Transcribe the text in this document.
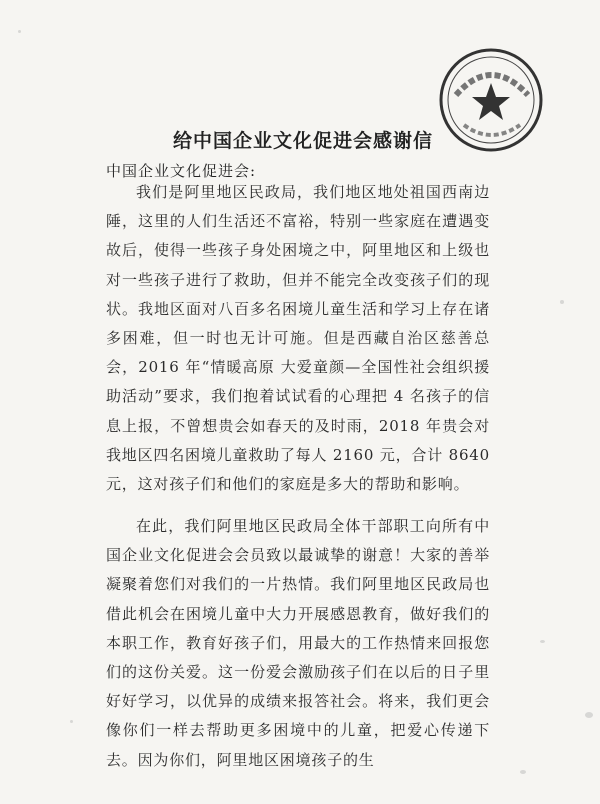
给中国企业文化促进会感谢信
中国企业文化促进会:
我们是阿里地区民政局，我们地区地处祖国西南边陲，这里的人们生活还不富裕，特别一些家庭在遭遇变故后，使得一些孩子身处困境之中，阿里地区和上级也对一些孩子进行了救助，但并不能完全改变孩子们的现状。我地区面对八百多名困境儿童生活和学习上存在诸多困难，但一时也无计可施。但是西藏自治区慈善总会，2016 年“情暖高原 大爱童颜—全国性社会组织援助活动”要求，我们抱着试试看的心理把 4 名孩子的信息上报，不曾想贵会如春天的及时雨，2018 年贵会对我地区四名困境儿童救助了每人 2160 元，合计 8640 元，这对孩子们和他们的家庭是多大的帮助和影响。
在此，我们阿里地区民政局全体干部职工向所有中国企业文化促进会会员致以最诚挚的谢意！大家的善举凝聚着您们对我们的一片热情。我们阿里地区民政局也借此机会在困境儿童中大力开展感恩教育，做好我们的本职工作，教育好孩子们，用最大的工作热情来回报您们的这份关爱。这一份爱会激励孩子们在以后的日子里好好学习，以优异的成绩来报答社会。将来，我们更会像你们一样去帮助更多困境中的儿童，把爱心传递下去。因为你们，阿里地区困境孩子的生
